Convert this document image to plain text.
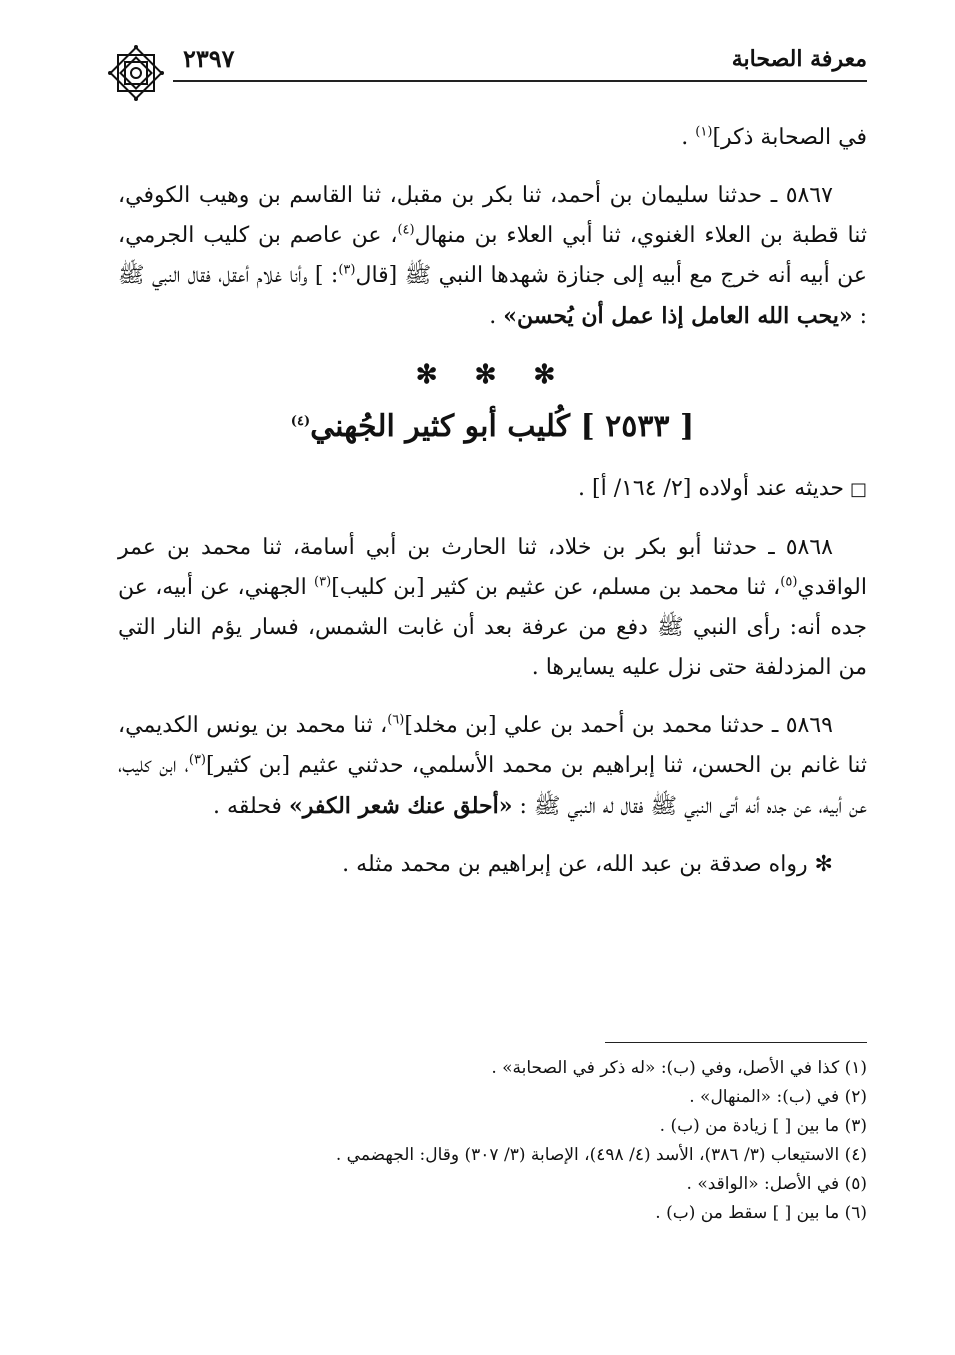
معرفة الصحابة
٢٣٩٧

في الصحابة ذكر]$^{(١)}$ .

٥٨٦٧ ـ حدثنا سليمان بن أحمد، ثنا بكر بن مقبل، ثنا القاسم بن وهيب الكوفي، ثنا قطبة بن العلاء الغنوي، ثنا أبي العلاء بن منهال$^{(٤)}$، عن عاصم بن كليب الجرمي، عن أبيه أنه خرج مع أبيه إلى جنازة شهدها النبي ﷺ [قال$^{(٣)}$: ] وأنا غلام أعقل، فقال النبي ﷺ : «يحب الله العامل إذا عمل أن يُحسن» .

✻ ✻ ✻
[ ٢٥٣٣ ] كُليب أبو كثير الجُهني$^{(٤)}$

□حديثه عند أولاده [٢/ ١٦٤/ أ] .

٥٨٦٨ ـ حدثنا أبو بكر بن خلاد، ثنا الحارث بن أبي أسامة، ثنا محمد بن عمر الواقدي$^{(٥)}$، ثنا محمد بن مسلم، عن عثيم بن كثير [بن كليب]$^{(٣)}$ الجهني، عن أبيه، عن جده أنه: رأى النبي ﷺ دفع من عرفة بعد أن غابت الشمس، فسار يؤم النار التي من المزدلفة حتى نزل عليه يسايرها .

٥٨٦٩ ـ حدثنا محمد بن أحمد بن علي [بن مخلد]$^{(٦)}$، ثنا محمد بن يونس الكديمي، ثنا غانم بن الحسن، ثنا إبراهيم بن محمد الأسلمي، حدثني عثيم [بن كثير]$^{(٣)}$، ابن كليب، عن أبيه، عن جده أنه أتى النبي ﷺ فقال له النبي ﷺ : «أحلق عنك شعر الكفر» فحلقه .

✻ رواه صدقة بن عبد الله، عن إبراهيم بن محمد مثله .

(١) كذا في الأصل، وفي (ب): «له ذكر في الصحابة» .
(٢) في (ب): «المنهال» .
(٣) ما بين [ ] زيادة من (ب) .
(٤) الاستيعاب (٣/ ٣٨٦)، الأسد (٤/ ٤٩٨)، الإصابة (٣/ ٣٠٧) وقال: الجهضمي .
(٥) في الأصل: «الواقد» .
(٦) ما بين [ ] سقط من (ب) .
